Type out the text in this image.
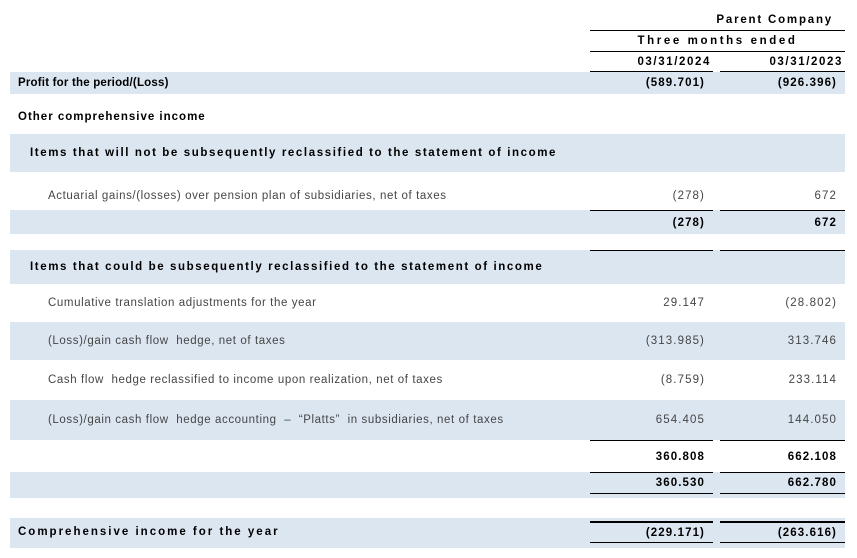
Parent Company
Three months ended
03/31/2024	03/31/2023
Profit for the period/(Loss)	(589.701)	(926.396)
Other comprehensive income
Items that will not be subsequently reclassified to the statement of income
Actuarial gains/(losses) over pension plan of subsidiaries, net of taxes	(278)	672
(278)	672
Items that could be subsequently reclassified to the statement of income
Cumulative translation adjustments for the year	29.147	(28.802)
(Loss)/gain cash flow  hedge, net of taxes	(313.985)	313.746
Cash flow  hedge reclassified to income upon realization, net of taxes	(8.759)	233.114
(Loss)/gain cash flow  hedge accounting  –  “Platts”  in subsidiaries, net of taxes	654.405	144.050
360.808	662.108
360.530	662.780
Comprehensive income for the year	(229.171)	(263.616)
